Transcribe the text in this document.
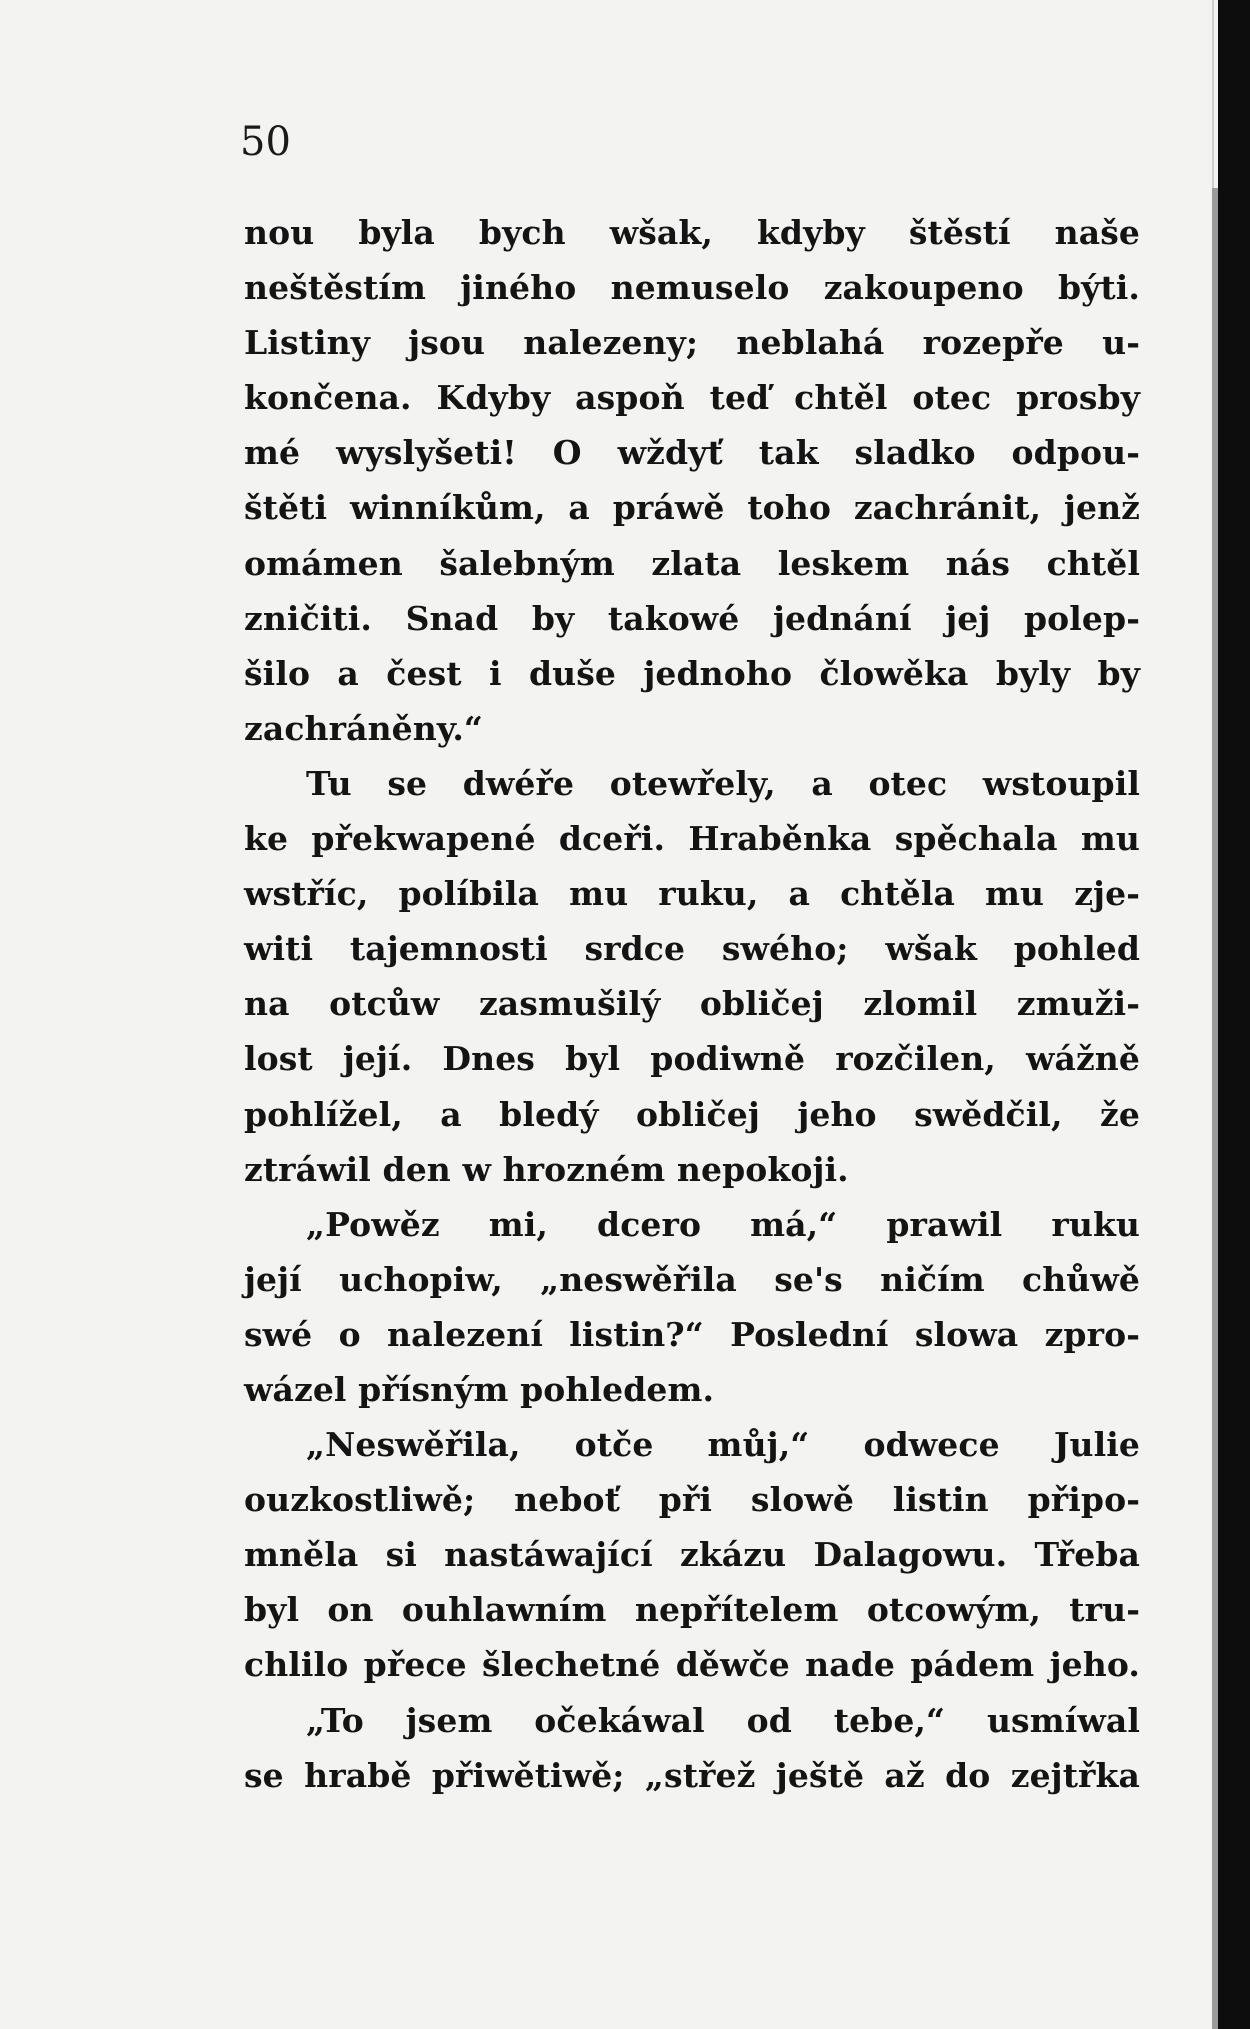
50
nou byla bych wšak, kdyby štěstí naše
neštěstím jiného nemuselo zakoupeno býti.
Listiny jsou nalezeny; neblahá rozepře u‑
končena. Kdyby aspoň teď chtěl otec prosby
mé wyslyšeti! O wždyť tak sladko odpou‑
štěti winníkům, a práwě toho zachránit, jenž
omámen šalebným zlata leskem nás chtěl
zničiti. Snad by takowé jednání jej polep‑
šilo a čest i duše jednoho člowěka byly by
zachráněny.“
Tu se dwéře otewřely, a otec wstoupil
ke překwapené dceři. Hraběnka spěchala mu
wstříc, políbila mu ruku, a chtěla mu zje‑
witi tajemnosti srdce swého; wšak pohled
na otcůw zasmušilý obličej zlomil zmuži‑
lost její. Dnes byl podiwně rozčilen, wážně
pohlížel, a bledý obličej jeho swědčil, že
ztráwil den w hrozném nepokoji.
„Powěz mi, dcero má,“ prawil ruku
její uchopiw, „neswěřila se's ničím chůwě
swé o nalezení listin?“ Poslední slowa zpro‑
wázel přísným pohledem.
„Neswěřila, otče můj,“ odwece Julie
ouzkostliwě; neboť při slowě listin připo‑
mněla si nastáwající zkázu Dalagowu. Třeba
byl on ouhlawním nepřítelem otcowým, tru‑
chlilo přece šlechetné děwče nade pádem jeho.
„To jsem očekáwal od tebe,“ usmíwal
se hrabě přiwětiwě; „střež ještě až do zejtřka
